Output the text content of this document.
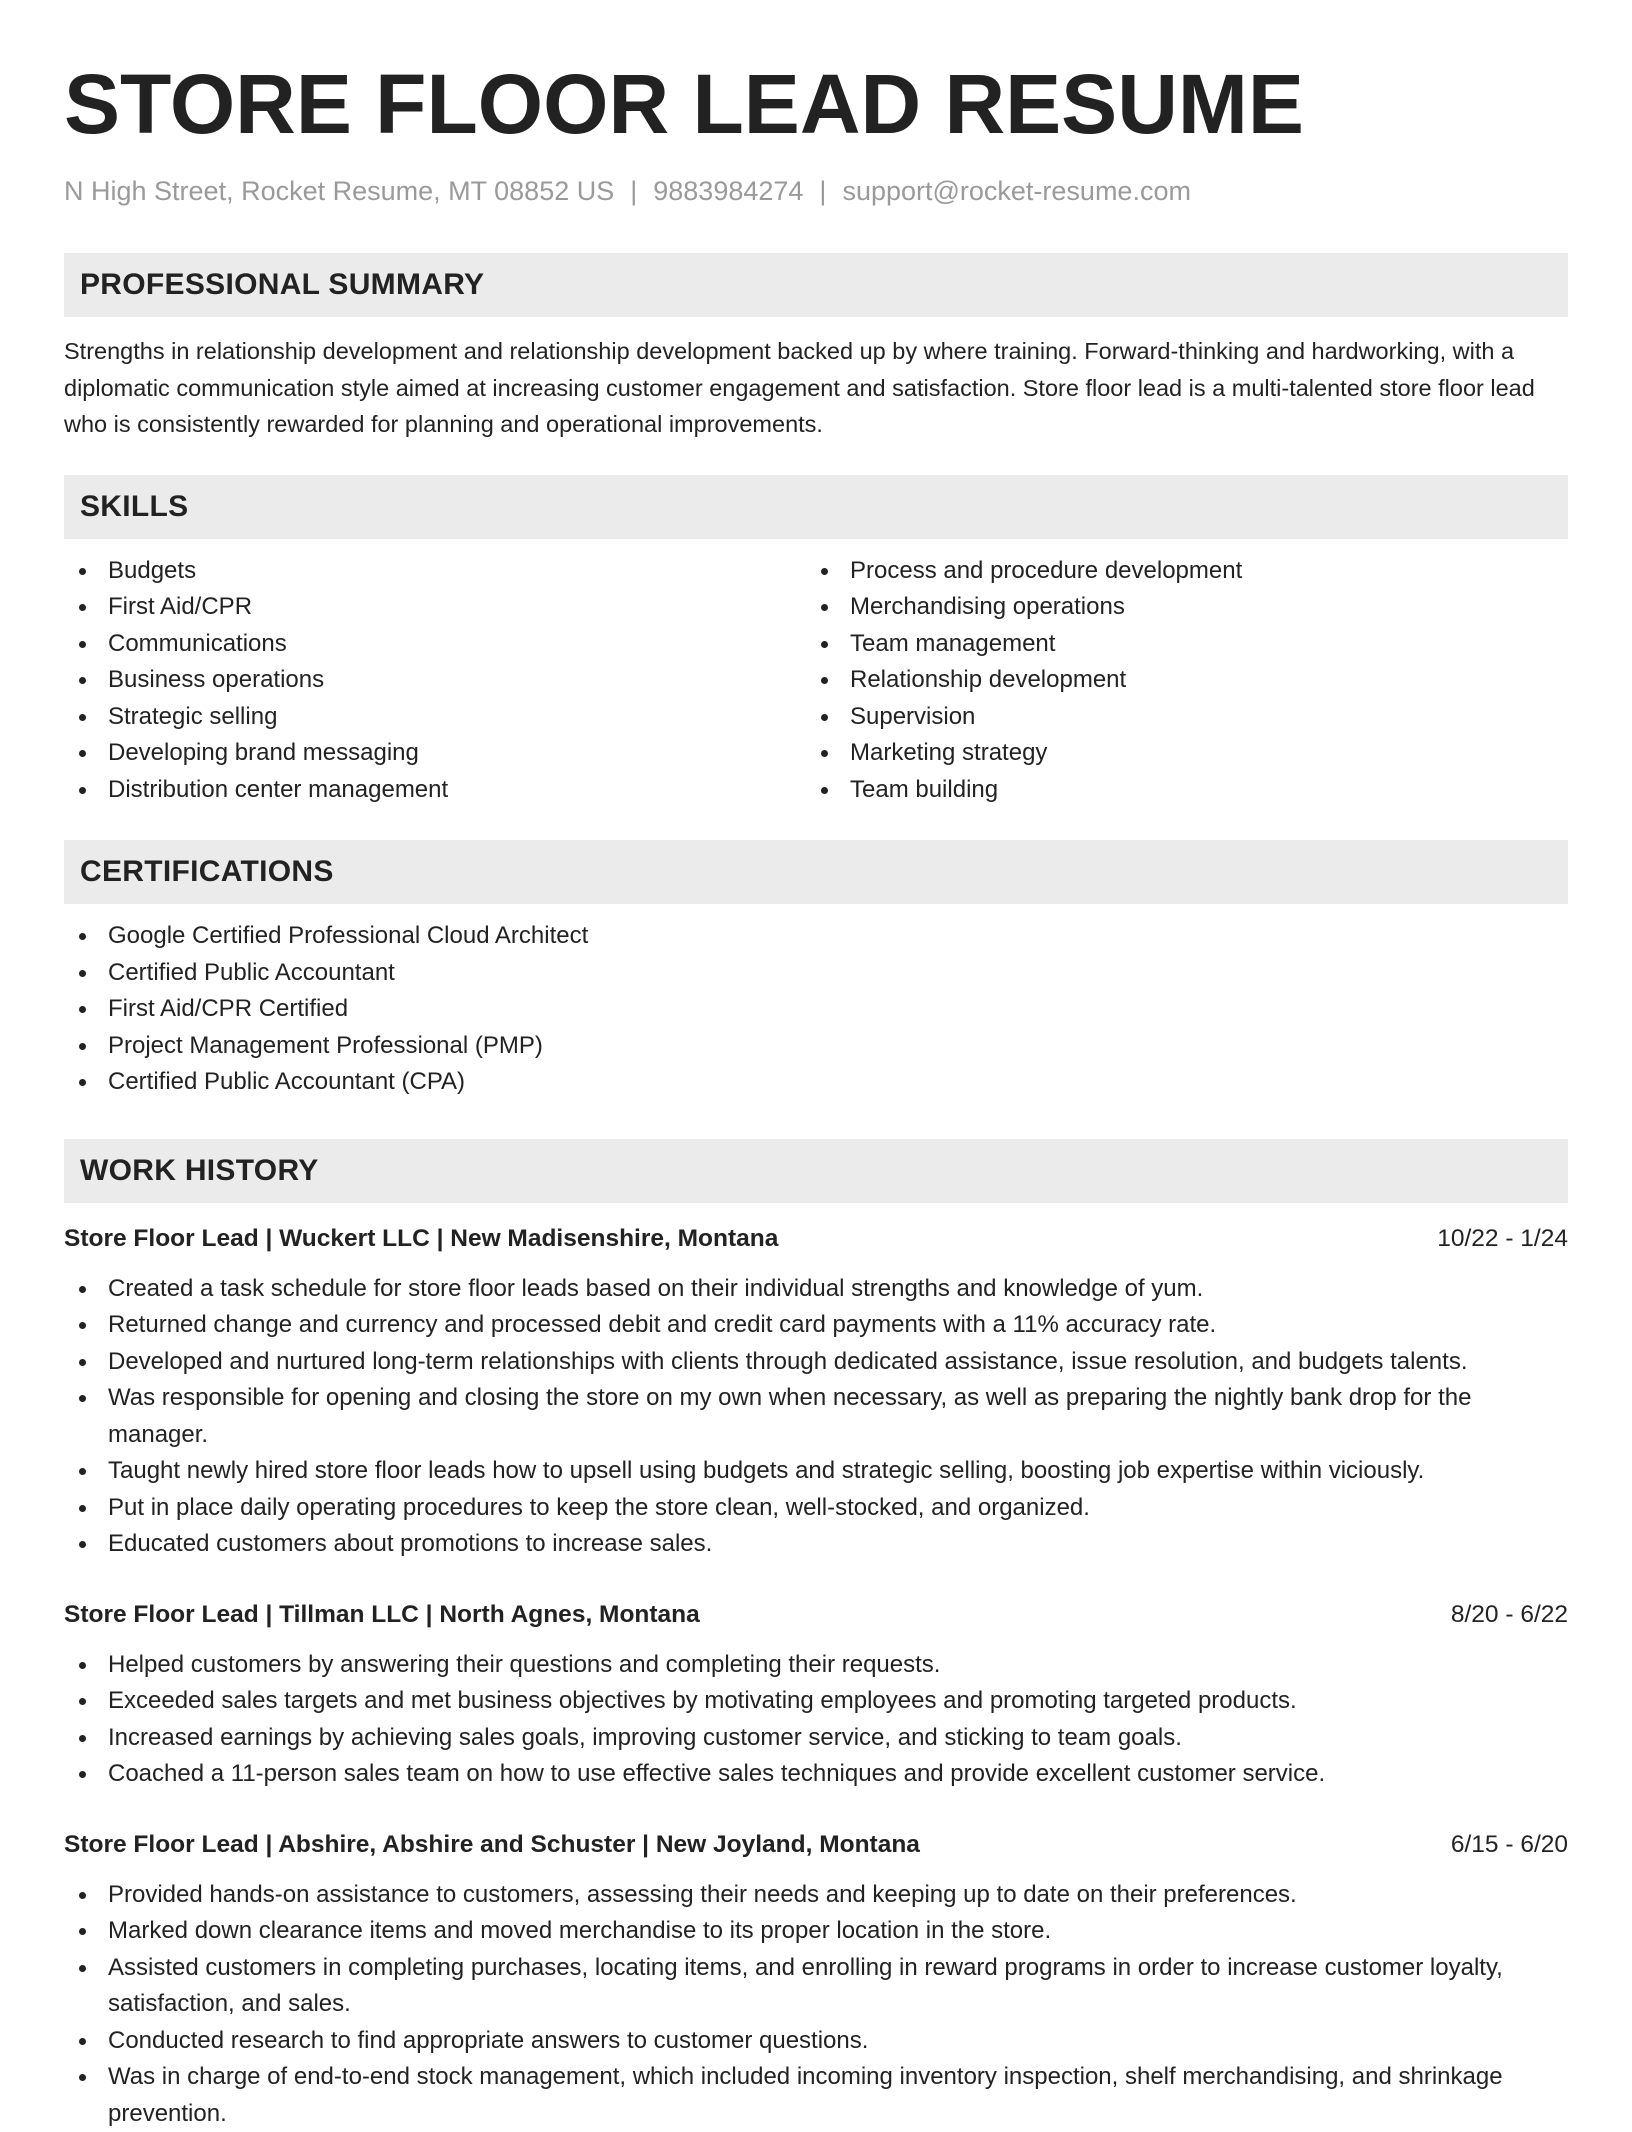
STORE FLOOR LEAD RESUME
N High Street, Rocket Resume, MT 08852 US | 9883984274 | support@rocket-resume.com
PROFESSIONAL SUMMARY

Strengths in relationship development and relationship development backed up by where training. Forward-thinking and hardworking, with a diplomatic communication style aimed at increasing customer engagement and satisfaction. Store floor lead is a multi-talented store floor lead who is consistently rewarded for planning and operational improvements.

SKILLS
Budgets
First Aid/CPR
Communications
Business operations
Strategic selling
Developing brand messaging
Distribution center management
Process and procedure development
Merchandising operations
Team management
Relationship development
Supervision
Marketing strategy
Team building
CERTIFICATIONS
Google Certified Professional Cloud Architect
Certified Public Accountant
First Aid/CPR Certified
Project Management Professional (PMP)
Certified Public Accountant (CPA)
WORK HISTORY
Store Floor Lead | Wuckert LLC | New Madisenshire, Montana	10/22 - 1/24
Created a task schedule for store floor leads based on their individual strengths and knowledge of yum.
Returned change and currency and processed debit and credit card payments with a 11% accuracy rate.
Developed and nurtured long-term relationships with clients through dedicated assistance, issue resolution, and budgets talents.
Was responsible for opening and closing the store on my own when necessary, as well as preparing the nightly bank drop for the manager.
Taught newly hired store floor leads how to upsell using budgets and strategic selling, boosting job expertise within viciously.
Put in place daily operating procedures to keep the store clean, well-stocked, and organized.
Educated customers about promotions to increase sales.
Store Floor Lead | Tillman LLC | North Agnes, Montana	8/20 - 6/22
Helped customers by answering their questions and completing their requests.
Exceeded sales targets and met business objectives by motivating employees and promoting targeted products.
Increased earnings by achieving sales goals, improving customer service, and sticking to team goals.
Coached a 11-person sales team on how to use effective sales techniques and provide excellent customer service.
Store Floor Lead | Abshire, Abshire and Schuster | New Joyland, Montana	6/15 - 6/20
Provided hands-on assistance to customers, assessing their needs and keeping up to date on their preferences.
Marked down clearance items and moved merchandise to its proper location in the store.
Assisted customers in completing purchases, locating items, and enrolling in reward programs in order to increase customer loyalty, satisfaction, and sales.
Conducted research to find appropriate answers to customer questions.
Was in charge of end-to-end stock management, which included incoming inventory inspection, shelf merchandising, and shrinkage prevention.
